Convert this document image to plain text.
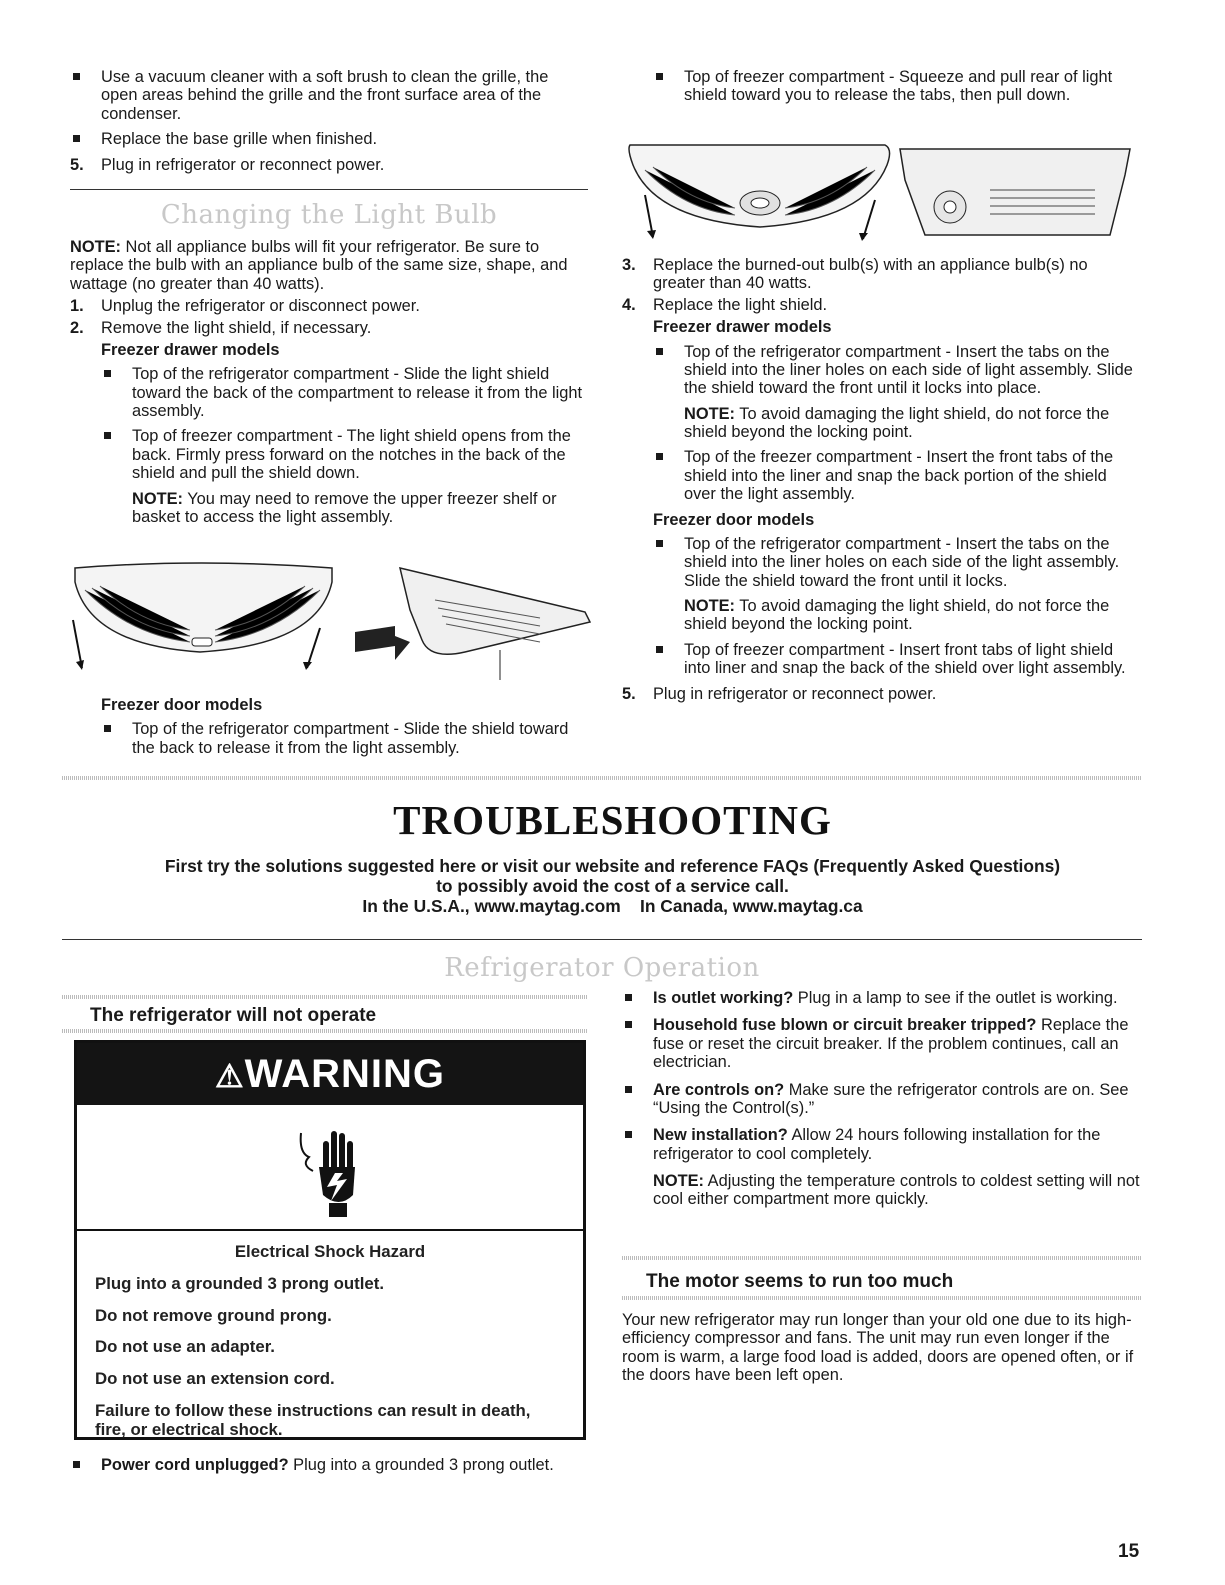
Use a vacuum cleaner with a soft brush to clean the grille, the open areas behind the grille and the front surface area of the condenser.
Replace the base grille when finished.
5. Plug in refrigerator or reconnect power.
Changing the Light Bulb

NOTE: Not all appliance bulbs will fit your refrigerator. Be sure to replace the bulb with an appliance bulb of the same size, shape, and wattage (no greater than 40 watts).

1. Unplug the refrigerator or disconnect power.
2. Remove the light shield, if necessary.
Freezer drawer models
Top of the refrigerator compartment - Slide the light shield toward the back of the compartment to release it from the light assembly.
Top of freezer compartment - The light shield opens from the back. Firmly press forward on the notches in the back of the shield and pull the shield down.

NOTE: You may need to remove the upper freezer shelf or basket to access the light assembly.

Freezer door models
Top of the refrigerator compartment - Slide the shield toward the back to release it from the light assembly.
Top of freezer compartment - Squeeze and pull rear of light shield toward you to release the tabs, then pull down.
3. Replace the burned-out bulb(s) with an appliance bulb(s) no greater than 40 watts.
4. Replace the light shield.
Freezer drawer models
Top of the refrigerator compartment - Insert the tabs on the shield into the liner holes on each side of light assembly. Slide the shield toward the front until it locks into place.

NOTE: To avoid damaging the light shield, do not force the shield beyond the locking point.

Top of the freezer compartment - Insert the front tabs of the shield into the liner and snap the back portion of the shield over the light assembly.
Freezer door models
Top of the refrigerator compartment - Insert the tabs on the shield into the liner holes on each side of the light assembly. Slide the shield toward the front until it locks.

NOTE: To avoid damaging the light shield, do not force the shield beyond the locking point.

Top of freezer compartment - Insert front tabs of light shield into liner and snap the back of the shield over light assembly.
5. Plug in refrigerator or reconnect power.
TROUBLESHOOTING
First try the solutions suggested here or visit our website and reference FAQs (Frequently Asked Questions)
to possibly avoid the cost of a service call.
In the U.S.A., www.maytag.com    In Canada, www.maytag.ca
Refrigerator Operation
The refrigerator will not operate
⚠WARNING

Electrical Shock Hazard

Plug into a grounded 3 prong outlet.

Do not remove ground prong.

Do not use an adapter.

Do not use an extension cord.

Failure to follow these instructions can result in death, fire, or electrical shock.

Power cord unplugged? Plug into a grounded 3 prong outlet.
Is outlet working? Plug in a lamp to see if the outlet is working.
Household fuse blown or circuit breaker tripped? Replace the fuse or reset the circuit breaker. If the problem continues, call an electrician.
Are controls on? Make sure the refrigerator controls are on. See “Using the Control(s).”
New installation? Allow 24 hours following installation for the refrigerator to cool completely.

NOTE: Adjusting the temperature controls to coldest setting will not cool either compartment more quickly.

The motor seems to run too much

Your new refrigerator may run longer than your old one due to its high-efficiency compressor and fans. The unit may run even longer if the room is warm, a large food load is added, doors are opened often, or if the doors have been left open.

15
